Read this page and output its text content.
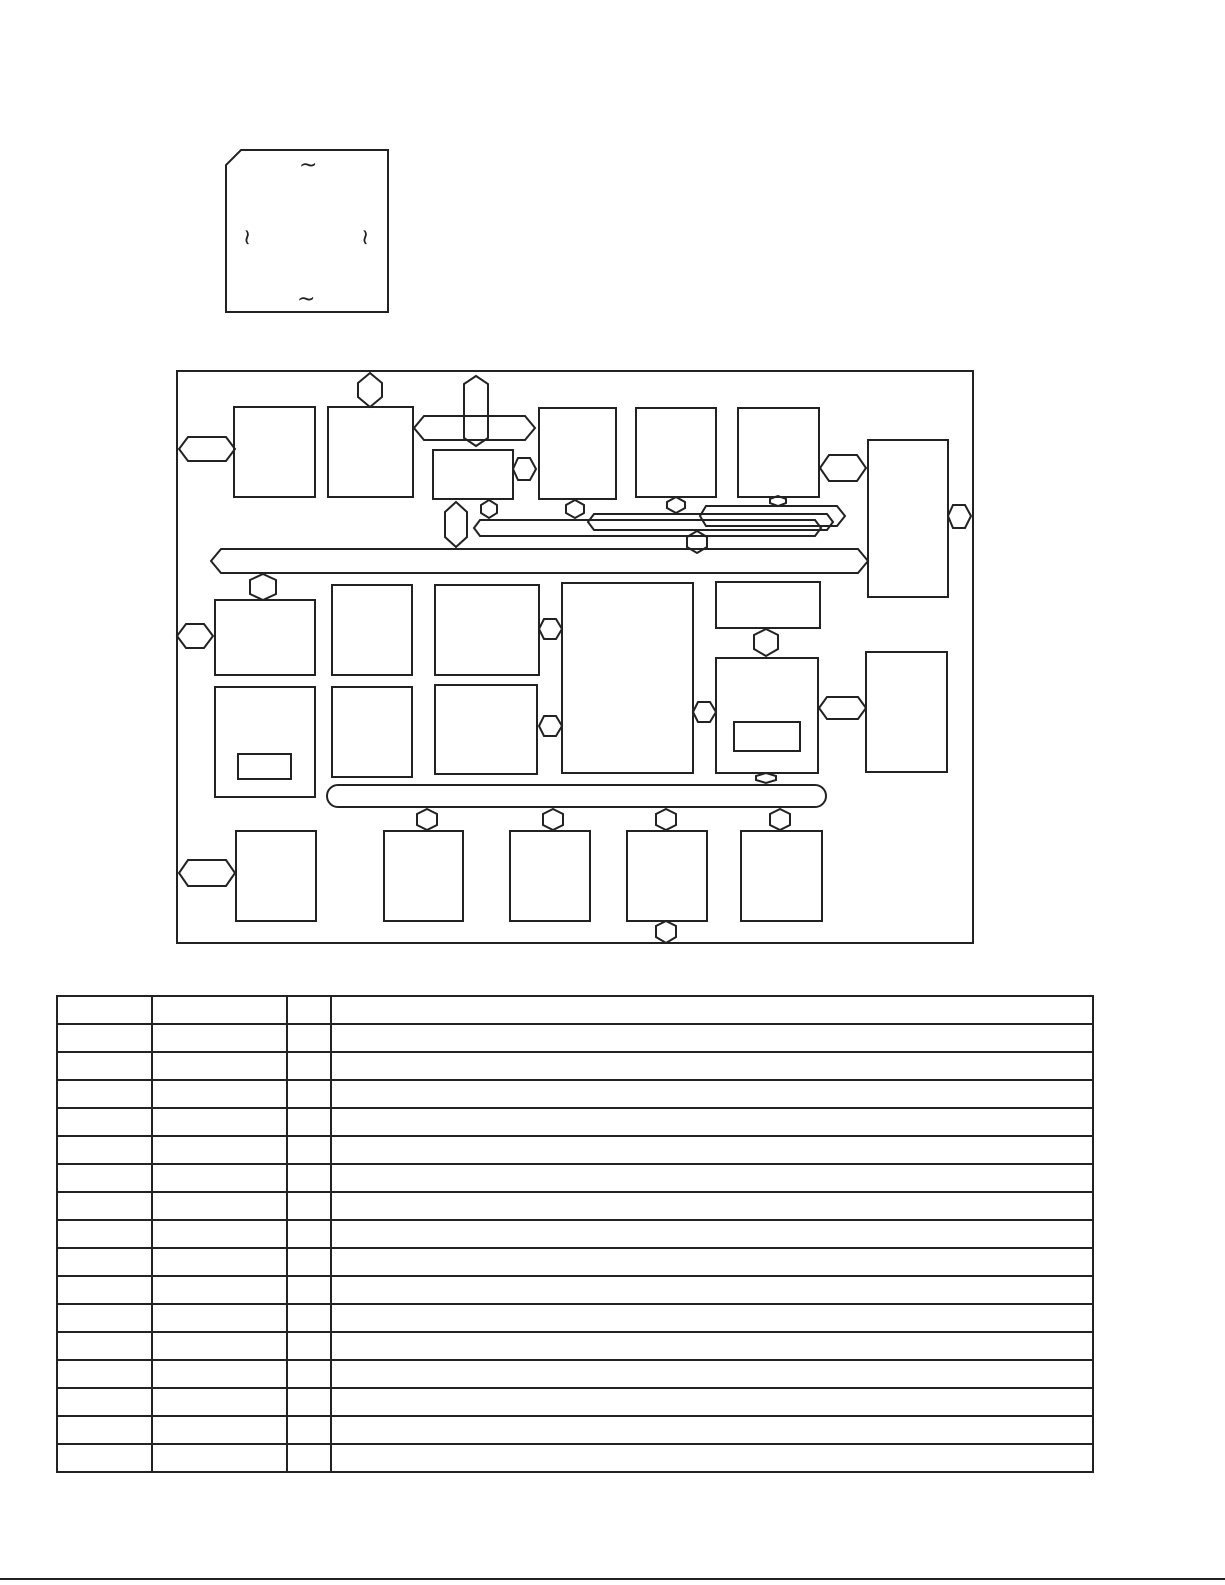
~
~	~
~
